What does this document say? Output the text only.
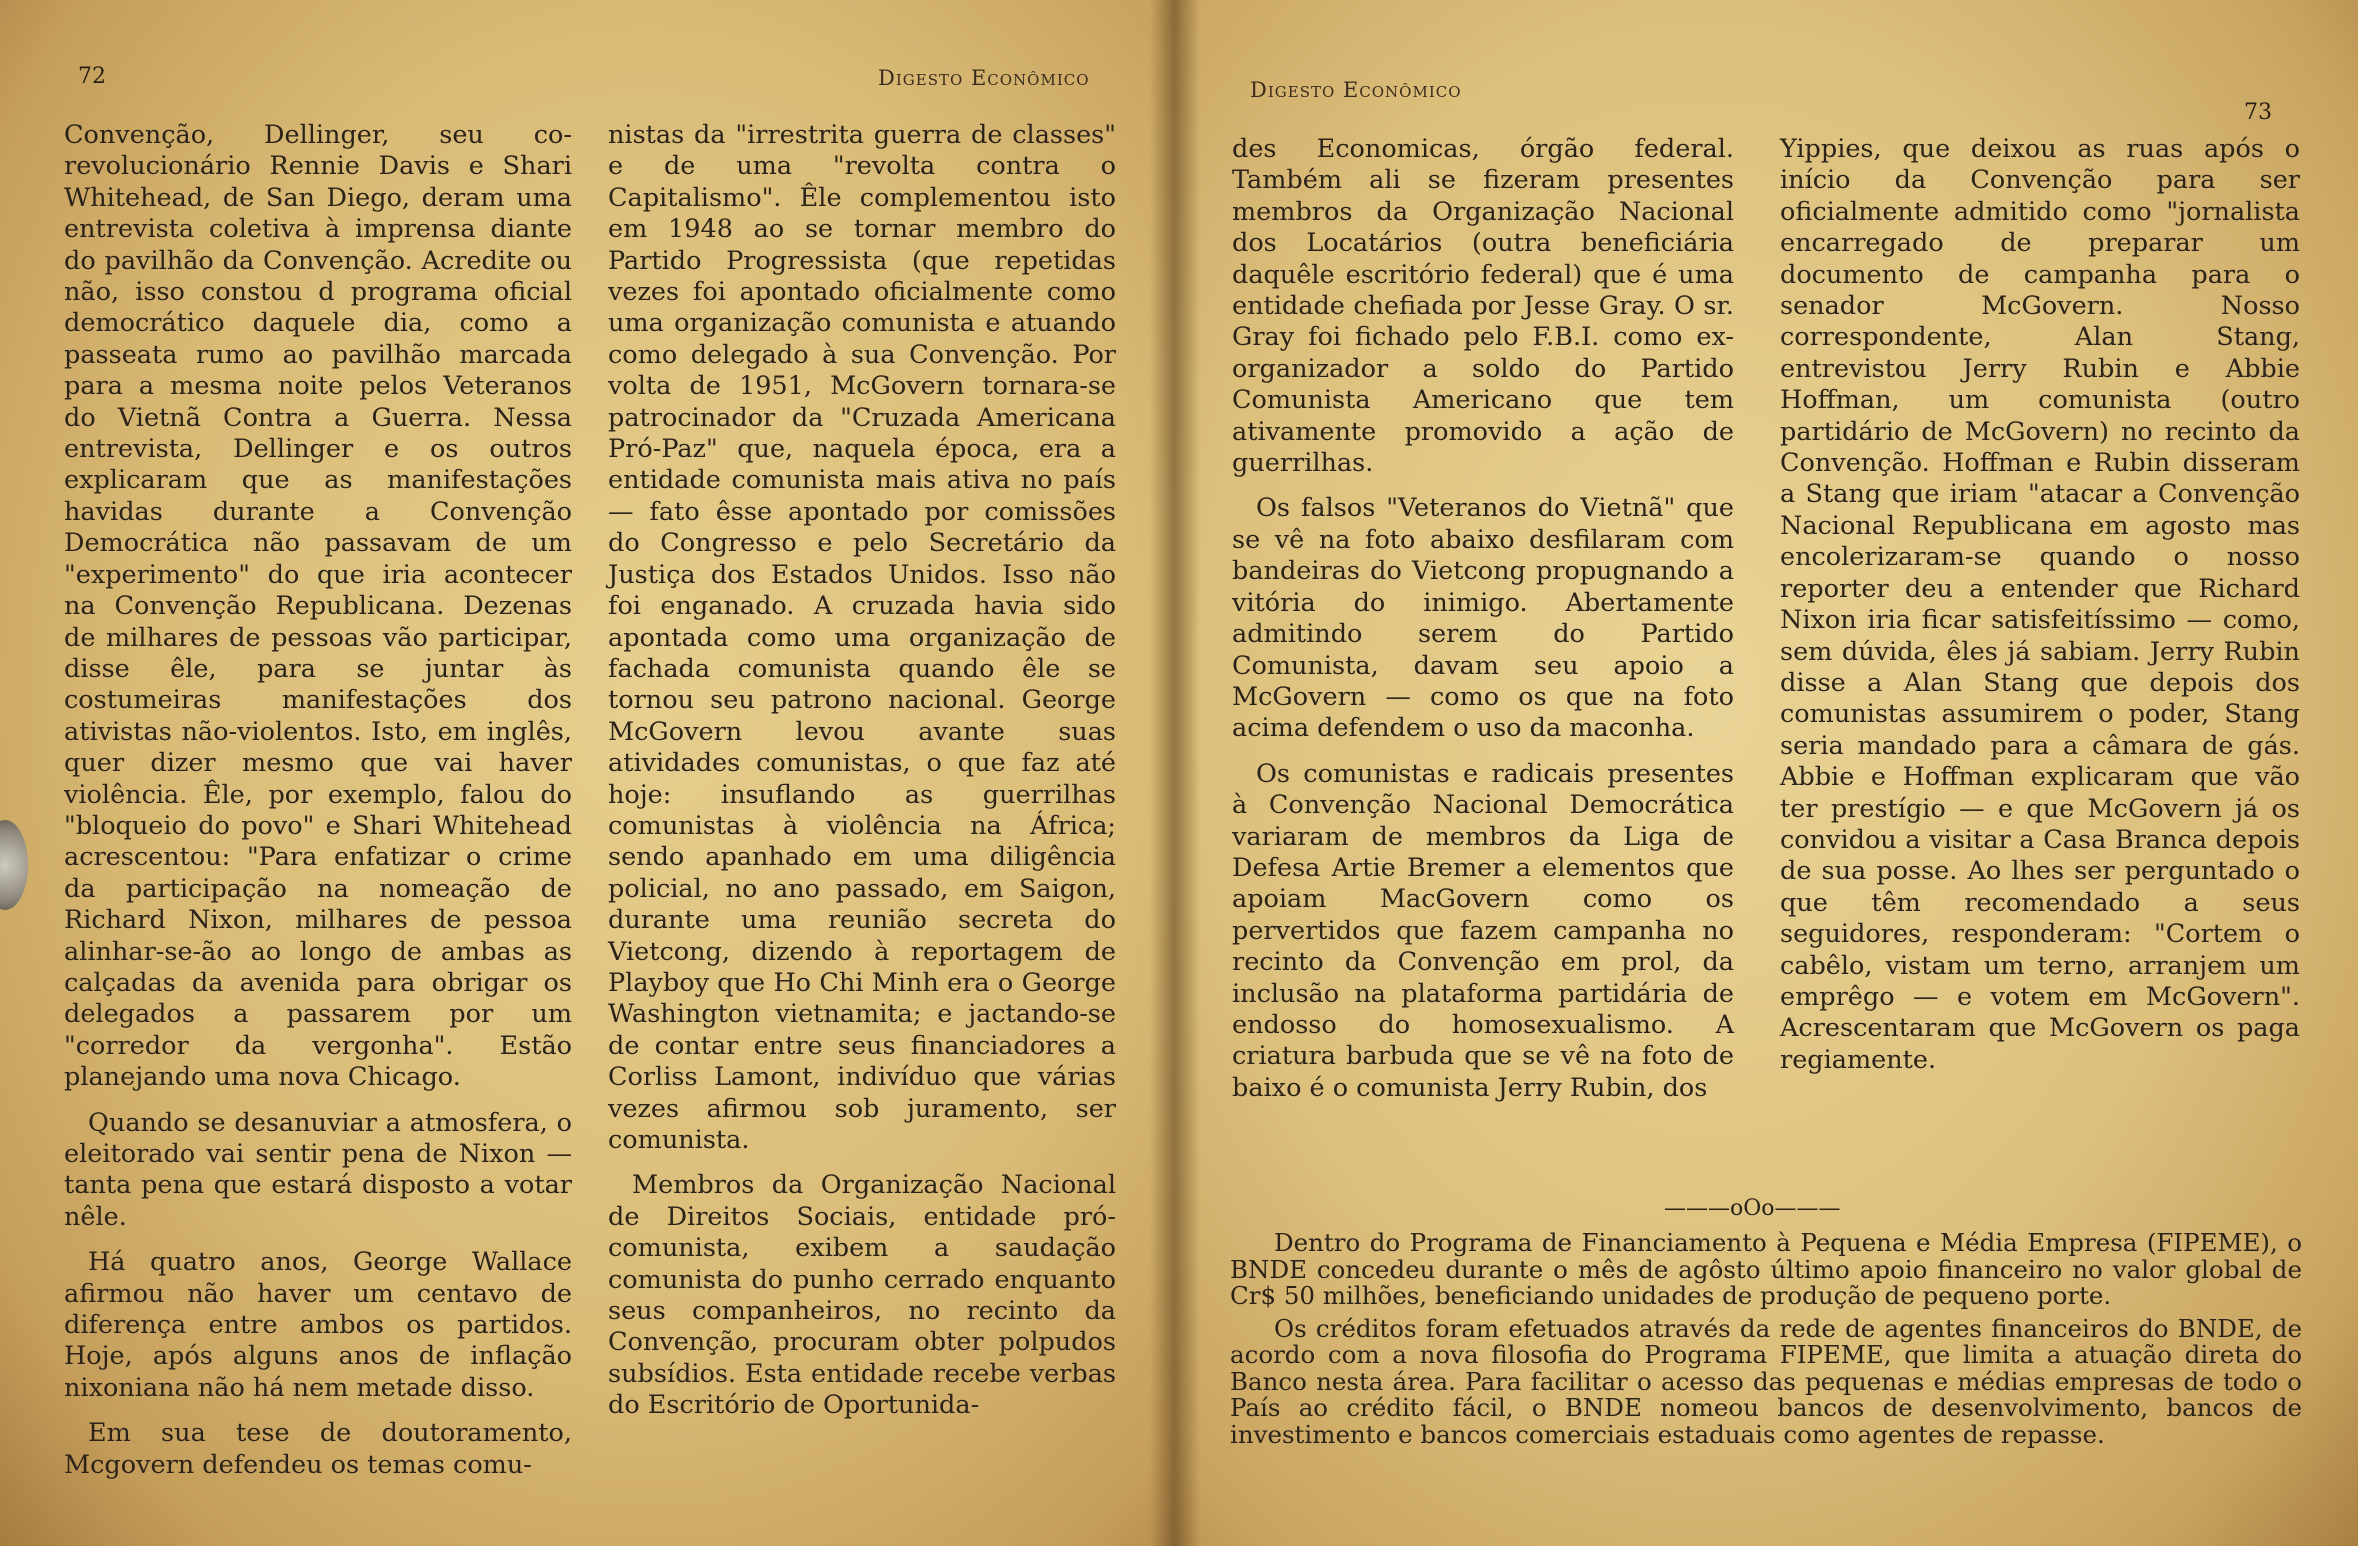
72	Digesto Econômico

Convenção, Dellinger, seu co-revolucionário Rennie Davis e Shari Whitehead, de San Diego, deram uma entrevista coletiva à imprensa diante do pavilhão da Convenção. Acredite ou não, isso constou d programa oficial democrático daquele dia, como a passeata rumo ao pavilhão marcada para a mesma noite pelos Veteranos do Vietnã Contra a Guerra. Nessa entrevista, Dellinger e os outros explicaram que as manifestações havidas durante a Convenção Democrática não passavam de um "experimento" do que iria acontecer na Convenção Republicana. Dezenas de milhares de pessoas vão participar, disse êle, para se juntar às costumeiras manifestações dos ativistas não-violentos. Isto, em inglês, quer dizer mesmo que vai haver violência. Êle, por exemplo, falou do "bloqueio do povo" e Shari Whitehead acrescentou: "Para enfatizar o crime da participação na nomeação de Richard Nixon, milhares de pessoa alinhar-se-ão ao longo de ambas as calçadas da avenida para obrigar os delegados a passarem por um "corredor da vergonha". Estão planejando uma nova Chicago.

Quando se desanuviar a atmosfera, o eleitorado vai sentir pena de Nixon — tanta pena que estará disposto a votar nêle.

Há quatro anos, George Wallace afirmou não haver um centavo de diferença entre ambos os partidos. Hoje, após alguns anos de inflação nixoniana não há nem metade disso.

Em sua tese de doutoramento, Mcgovern defendeu os temas comu-

nistas da "irrestrita guerra de classes" e de uma "revolta contra o Capitalismo". Êle complementou isto em 1948 ao se tornar membro do Partido Progressista (que repetidas vezes foi apontado oficialmente como uma organização comunista e atuando como delegado à sua Convenção. Por volta de 1951, McGovern tornara-se patrocinador da "Cruzada Americana Pró-Paz" que, naquela época, era a entidade comunista mais ativa no país — fato êsse apontado por comissões do Congresso e pelo Secretário da Justiça dos Estados Unidos. Isso não foi enganado. A cruzada havia sido apontada como uma organização de fachada comunista quando êle se tornou seu patrono nacional. George McGovern levou avante suas atividades comunistas, o que faz até hoje: insuflando as guerrilhas comunistas à violência na África; sendo apanhado em uma diligência policial, no ano passado, em Saigon, durante uma reunião secreta do Vietcong, dizendo à reportagem de Playboy que Ho Chi Minh era o George Washington vietnamita; e jactando-se de contar entre seus financiadores a Corliss Lamont, indivíduo que várias vezes afirmou sob juramento, ser comunista.

Membros da Organização Nacional de Direitos Sociais, entidade pró-comunista, exibem a saudação comunista do punho cerrado enquanto seus companheiros, no recinto da Convenção, procuram obter polpudos subsídios. Esta entidade recebe verbas do Escritório de Oportunida-

Digesto Econômico
73

des Economicas, órgão federal. Também ali se fizeram presentes membros da Organização Nacional dos Locatários (outra beneficiária daquêle escritório federal) que é uma entidade chefiada por Jesse Gray. O sr. Gray foi fichado pelo F.B.I. como ex-organizador a soldo do Partido Comunista Americano que tem ativamente promovido a ação de guerrilhas.

Os falsos "Veteranos do Vietnã" que se vê na foto abaixo desfilaram com bandeiras do Vietcong propugnando a vitória do inimigo. Abertamente admitindo serem do Partido Comunista, davam seu apoio a McGovern — como os que na foto acima defendem o uso da maconha.

Os comunistas e radicais presentes à Convenção Nacional Democrática variaram de membros da Liga de Defesa Artie Bremer a elementos que apoiam MacGovern como os pervertidos que fazem campanha no recinto da Convenção em prol, da inclusão na plataforma partidária de endosso do homosexualismo. A criatura barbuda que se vê na foto de baixo é o comunista Jerry Rubin, dos

Yippies, que deixou as ruas após o início da Convenção para ser oficialmente admitido como "jornalista encarregado de preparar um documento de campanha para o senador McGovern. Nosso correspondente, Alan Stang, entrevistou Jerry Rubin e Abbie Hoffman, um comunista (outro partidário de McGovern) no recinto da Convenção. Hoffman e Rubin disseram a Stang que iriam "atacar a Convenção Nacional Republicana em agosto mas encolerizaram-se quando o nosso reporter deu a entender que Richard Nixon iria ficar satisfeitíssimo — como, sem dúvida, êles já sabiam. Jerry Rubin disse a Alan Stang que depois dos comunistas assumirem o poder, Stang seria mandado para a câmara de gás. Abbie e Hoffman explicaram que vão ter prestígio — e que McGovern já os convidou a visitar a Casa Branca depois de sua posse. Ao lhes ser perguntado o que têm recomendado a seus seguidores, responderam: "Cortem o cabêlo, vistam um terno, arranjem um emprêgo — e votem em McGovern". Acrescentaram que McGovern os paga regiamente.

———oOo———

Dentro do Programa de Financiamento à Pequena e Média Empresa (FIPEME), o BNDE concedeu durante o mês de agôsto último apoio financeiro no valor global de Cr$ 50 milhões, beneficiando unidades de produção de pequeno porte.

Os créditos foram efetuados através da rede de agentes financeiros do BNDE, de acordo com a nova filosofia do Programa FIPEME, que limita a atuação direta do Banco nesta área. Para facilitar o acesso das pequenas e médias empresas de todo o País ao crédito fácil, o BNDE nomeou bancos de desenvolvimento, bancos de investimento e bancos comerciais estaduais como agentes de repasse.
